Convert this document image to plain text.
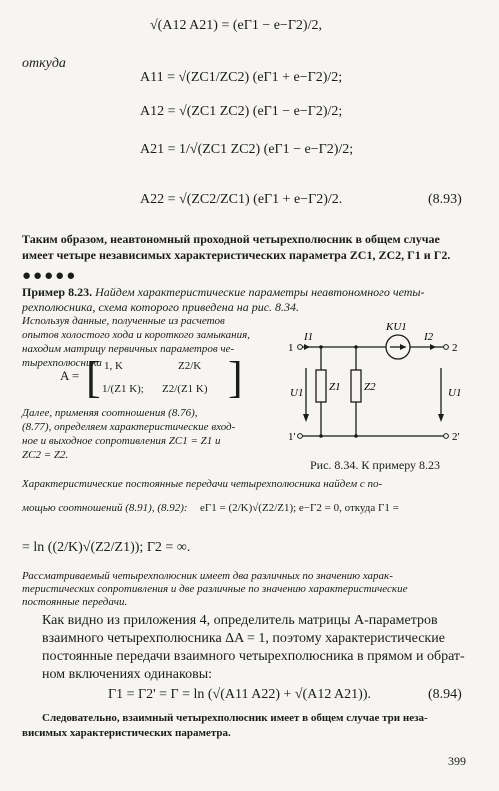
√(A12 A21) = (eΓ1 − e−Γ2)/2,
откуда
A11 = √(ZC1/ZC2) (eΓ1 + e−Γ2)/2;
A12 = √(ZC1 ZC2) (eΓ1 − e−Γ2)/2;
A21 = 1/√(ZC1 ZC2) (eΓ1 − e−Γ2)/2;
A22 = √(ZC2/ZC1) (eΓ1 + e−Γ2)/2.	(8.93)
Таким образом, неавтономный проходной четырехполюсник в общем случае
имеет четыре независимых характеристических параметра ZC1, ZC2, Γ1 и Γ2.
●●●●●
Пример 8.23. Найдем характеристические параметры неавтономного четы-
рехполюсника, схема которого приведена на рис. 8.34.
Используя данные, полученные из расчетов
опытов холостого хода и короткого замыкания,
находим матрицу первичных параметров че-
тырехполюсника
A = [	]
1, K	Z2/K
1/(Z1 K); Z2/(Z1 K)
Далее, применяя соотношения (8.76),
(8.77), определяем характеристические вход-
ное и выходное сопротивления ZC1 = Z1 и
ZC2 = Z2.
1
1'
2
2'
I1	I2
KU1
U1	U1
Z1 Z2
Рис. 8.34. К примеру 8.23
Характеристические постоянные передачи четырехполюсника найдем с по-
мощью соотношений (8.91), (8.92): eΓ1 = (2/K)√(Z2/Z1); e−Γ2 = 0, откуда Γ1 =
= ln ((2/K)√(Z2/Z1)); Γ2 = ∞.
Рассматриваемый четырехполюсник имеет два различных по значению харак-
теристических сопротивления и две различные по значению характеристические
постоянные передачи.
Как видно из приложения 4, определитель матрицы A-параметров
взаимного четырехполюсника ΔA = 1, поэтому характеристические
постоянные передачи взаимного четырехполюсника в прямом и обрат-
ном включениях одинаковы:
Γ1 = Γ2' = Γ = ln (√(A11 A22) + √(A12 A21)).	(8.94)
Следовательно, взаимный четырехполюсник имеет в общем случае три неза-
висимых характеристических параметра.
399
